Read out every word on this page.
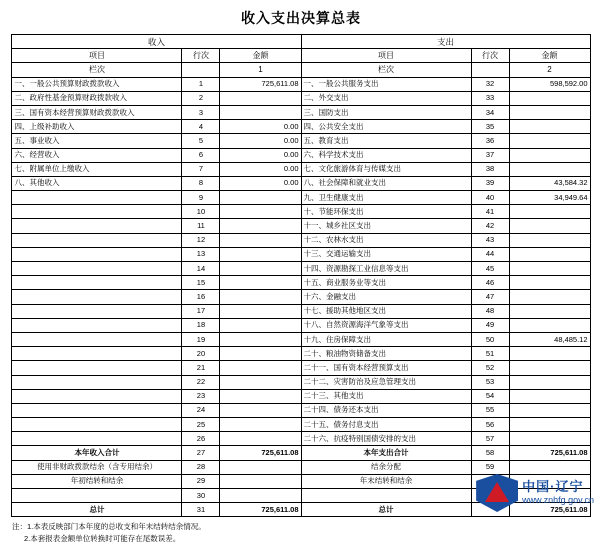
收入支出决算总表
收入			支出		
项目	行次	金额	项目	行次	金额
栏次		1	栏次		2
一、一般公共预算财政拨款收入	1	725,611.08	一、一般公共服务支出	32	598,592.00
二、政府性基金预算财政拨款收入	2		二、外交支出	33	
三、国有资本经营预算财政拨款收入	3		三、国防支出	34	
四、上级补助收入	4	0.00	四、公共安全支出	35	
五、事业收入	5	0.00	五、教育支出	36	
六、经营收入	6	0.00	六、科学技术支出	37	
七、附属单位上缴收入	7	0.00	七、文化旅游体育与传媒支出	38	
八、其他收入	8	0.00	八、社会保障和就业支出	39	43,584.32
	9		九、卫生健康支出	40	34,949.64
	10		十、节能环保支出	41	
	11		十一、城乡社区支出	42	
	12		十二、农林水支出	43	
	13		十三、交通运输支出	44	
	14		十四、资源勘探工业信息等支出	45	
	15		十五、商业服务业等支出	46	
	16		十六、金融支出	47	
	17		十七、援助其他地区支出	48	
	18		十八、自然资源海洋气象等支出	49	
	19		十九、住房保障支出	50	48,485.12
	20		二十、粮油物资储备支出	51	
	21		二十一、国有资本经营预算支出	52	
	22		二十二、灾害防治及应急管理支出	53	
	23		二十三、其他支出	54	
	24		二十四、债务还本支出	55	
	25		二十五、债务付息支出	56	
	26		二十六、抗疫特别国债安排的支出	57	
本年收入合计	27	725,611.08	本年支出合计	58	725,611.08
使用非财政拨款结余（含专用结余）	28		结余分配	59	
年初结转和结余	29		年末结转和结余		
	30				
总计	31	725,611.08	总计		725,611.08
注：1.本表反映部门本年度的总收支和年末结转结余情况。
2.本套报表金额单位转换时可能存在尾数误差。
中国·辽宁
www.znhfg.gov.cn
